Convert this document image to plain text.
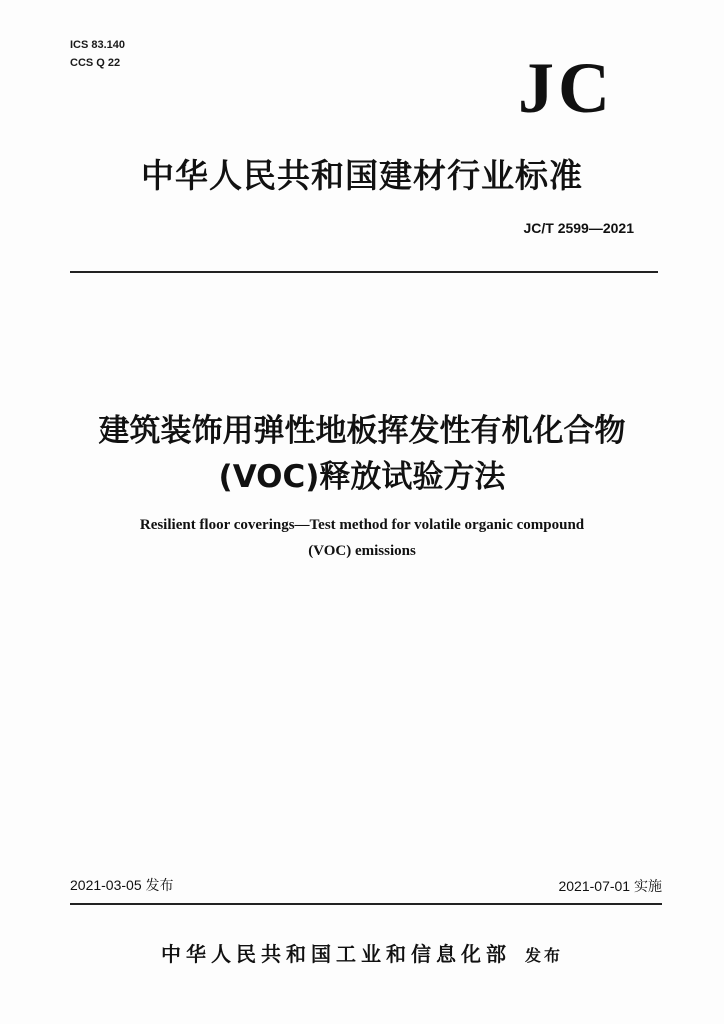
ICS 83.140
CCS Q 22	JC
中华人民共和国建材行业标准
JC/T 2599—2021
建筑装饰用弹性地板挥发性有机化合物
(VOC)释放试验方法
Resilient floor coverings—Test method for volatile organic compound
(VOC) emissions
2021-03-05 发布	2021-07-01 实施
中华人民共和国工业和信息化部 发布
